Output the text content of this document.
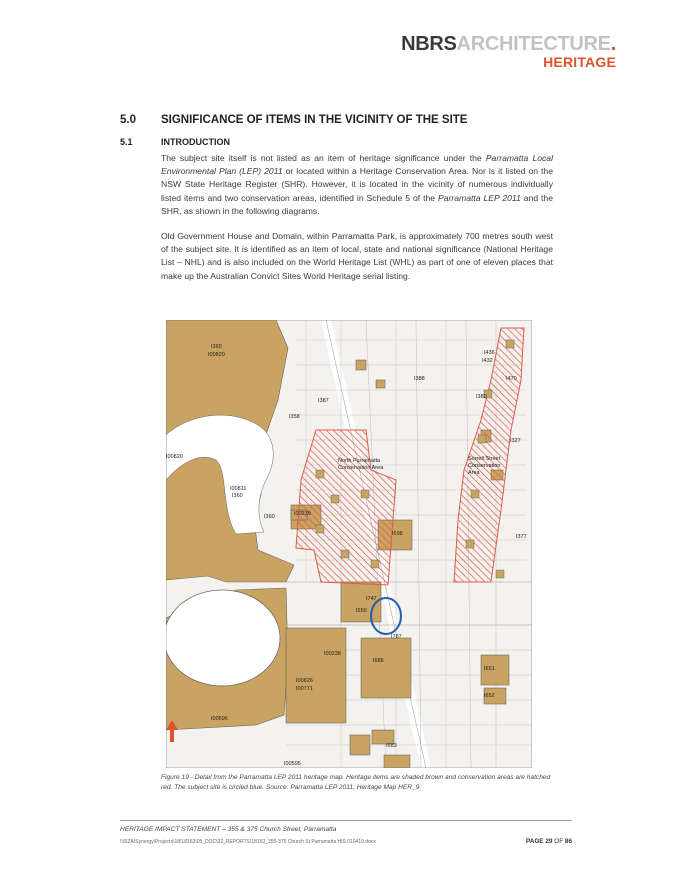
NBRSARCHITECTURE.
HERITAGE
5.0 SIGNIFICANCE OF ITEMS IN THE VICINITY OF THE SITE
5.1	INTRODUCTION

The subject site itself is not listed as an item of heritage significance under the Parramatta Local Environmental Plan (LEP) 2011 or located within a Heritage Conservation Area. Nor is it listed on the NSW State Heritage Register (SHR). However, it is located in the vicinity of numerous individually listed items and two conservation areas, identified in Schedule 5 of the Parramatta LEP 2011 and the SHR, as shown in the following diagrams.

Old Government House and Domain, within Parramatta Park, is approximately 700 metres south west of the subject site. It is identified as an item of local, state and national significance (National Heritage List – NHL) and is also included on the World Heritage List (WHL) as part of one of eleven places that make up the Australian Convict Sites World Heritage serial listing.

I360
I00820
I00820
I00811
I360
I360
I388
I387
I358
I00239
I698
I550
I747
I787
I686
I00238
I00826
I00771
I00596
I683
I00595
I651
I652
I436
I432
I470
I380
I327
I377
North Parramatta
Conservation Area
Sorrell Street
Conservation
Area

Figure 19 - Detail from the Parramatta LEP 2011 heritage map. Heritage items are shaded brown and conservation areas are hatched red. The subject site is circled blue. Source: Parramatta LEP 2011, Heritage Map HER_9

HERITAGE IMPACT STATEMENT – 355 & 375 Church Street, Parramatta
\\SIZA\Synergy\Projects\18\18163\05_DOC\02_REPORTS\18163_355-375 Church St Parramatta HIS 010419.docx	PAGE 29 OF 86
